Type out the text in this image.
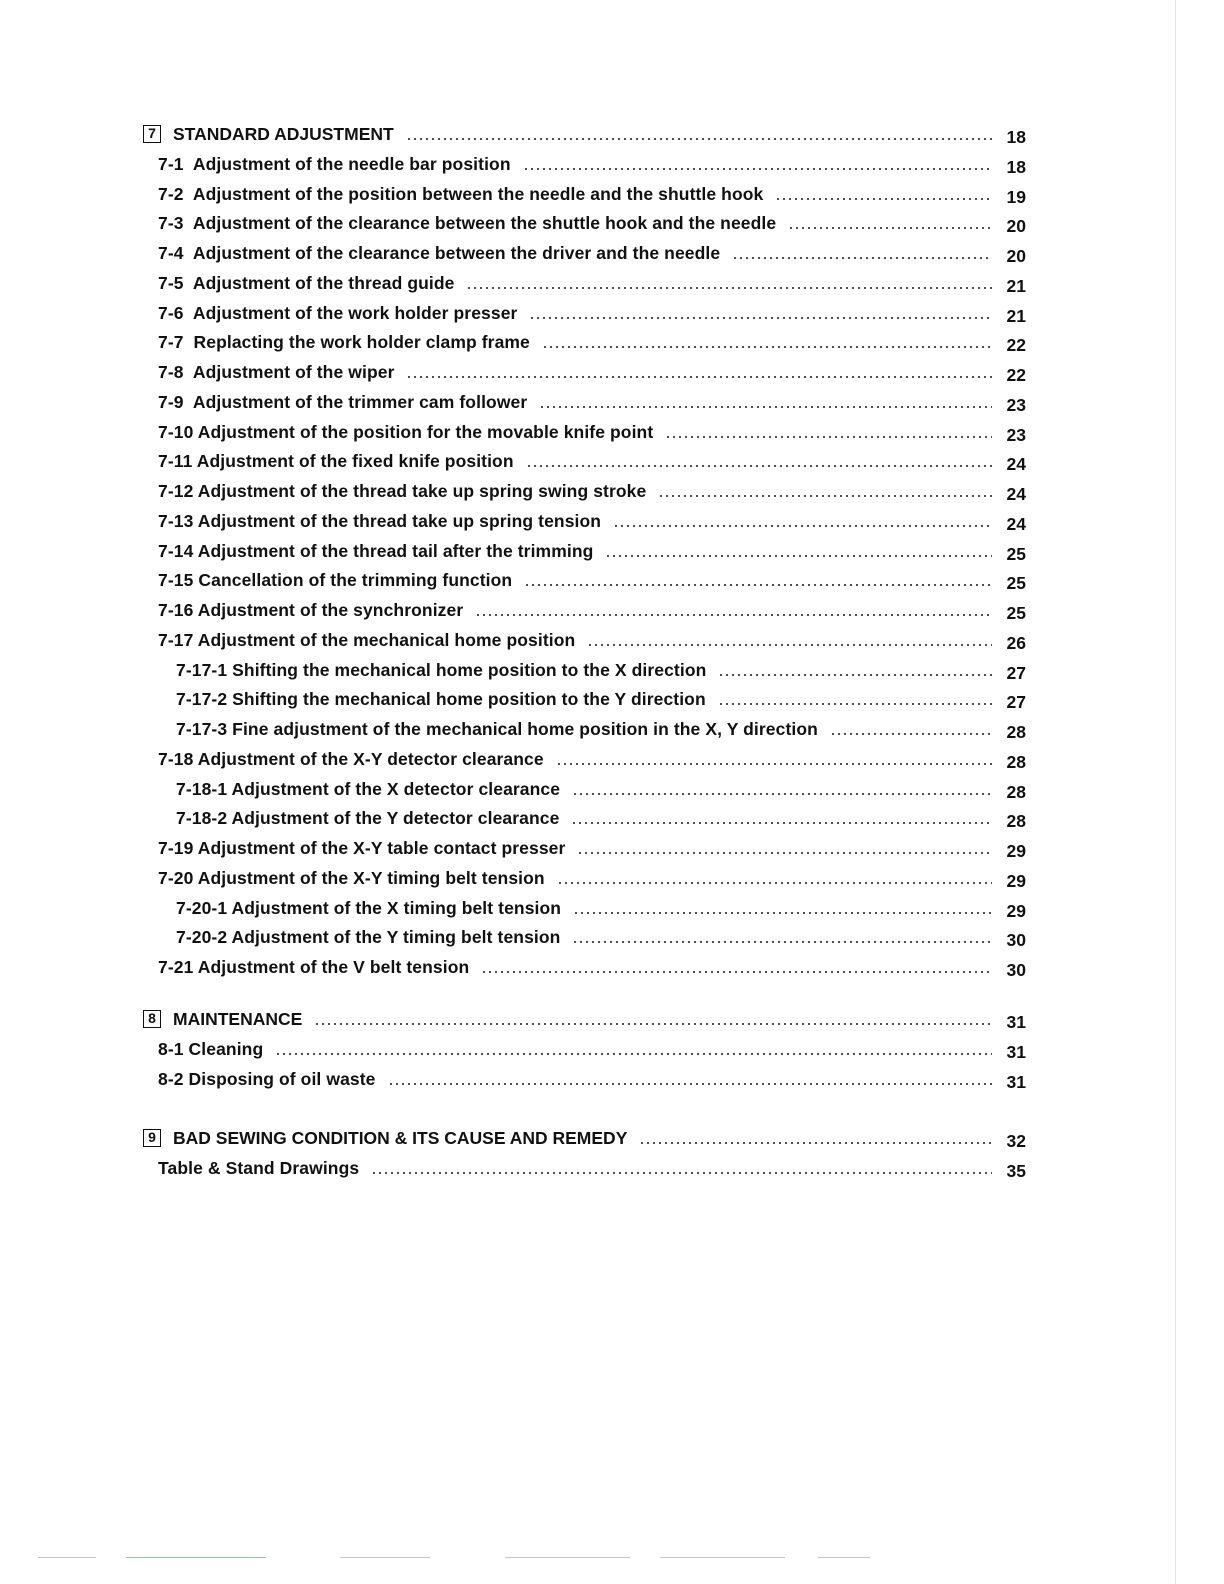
7 STANDARD ADJUSTMENT	18
7-1  Adjustment of the needle bar position	18
7-2  Adjustment of the position between the needle and the shuttle hook	19
7-3  Adjustment of the clearance between the shuttle hook and the needle	20
7-4  Adjustment of the clearance between the driver and the needle	20
7-5  Adjustment of the thread guide	21
7-6  Adjustment of the work holder presser	21
7-7  Replacting the work holder clamp frame	22
7-8  Adjustment of the wiper	22
7-9  Adjustment of the trimmer cam follower	23
7-10 Adjustment of the position for the movable knife point	23
7-11 Adjustment of the fixed knife position	24
7-12 Adjustment of the thread take up spring swing stroke	24
7-13 Adjustment of the thread take up spring tension	24
7-14 Adjustment of the thread tail after the trimming	25
7-15 Cancellation of the trimming function	25
7-16 Adjustment of the synchronizer	25
7-17 Adjustment of the mechanical home position	26
7-17-1 Shifting the mechanical home position to the X direction	27
7-17-2 Shifting the mechanical home position to the Y direction	27
7-17-3 Fine adjustment of the mechanical home position in the X, Y direction	28
7-18 Adjustment of the X-Y detector clearance	28
7-18-1 Adjustment of the X detector clearance	28
7-18-2 Adjustment of the Y detector clearance	28
7-19 Adjustment of the X-Y table contact presser	29
7-20 Adjustment of the X-Y timing belt tension	29
7-20-1 Adjustment of the X timing belt tension	29
7-20-2 Adjustment of the Y timing belt tension	30
7-21 Adjustment of the V belt tension	30
8 MAINTENANCE	31
8-1 Cleaning	31
8-2 Disposing of oil waste	31
9 BAD SEWING CONDITION & ITS CAUSE AND REMEDY	32
Table & Stand Drawings	35
